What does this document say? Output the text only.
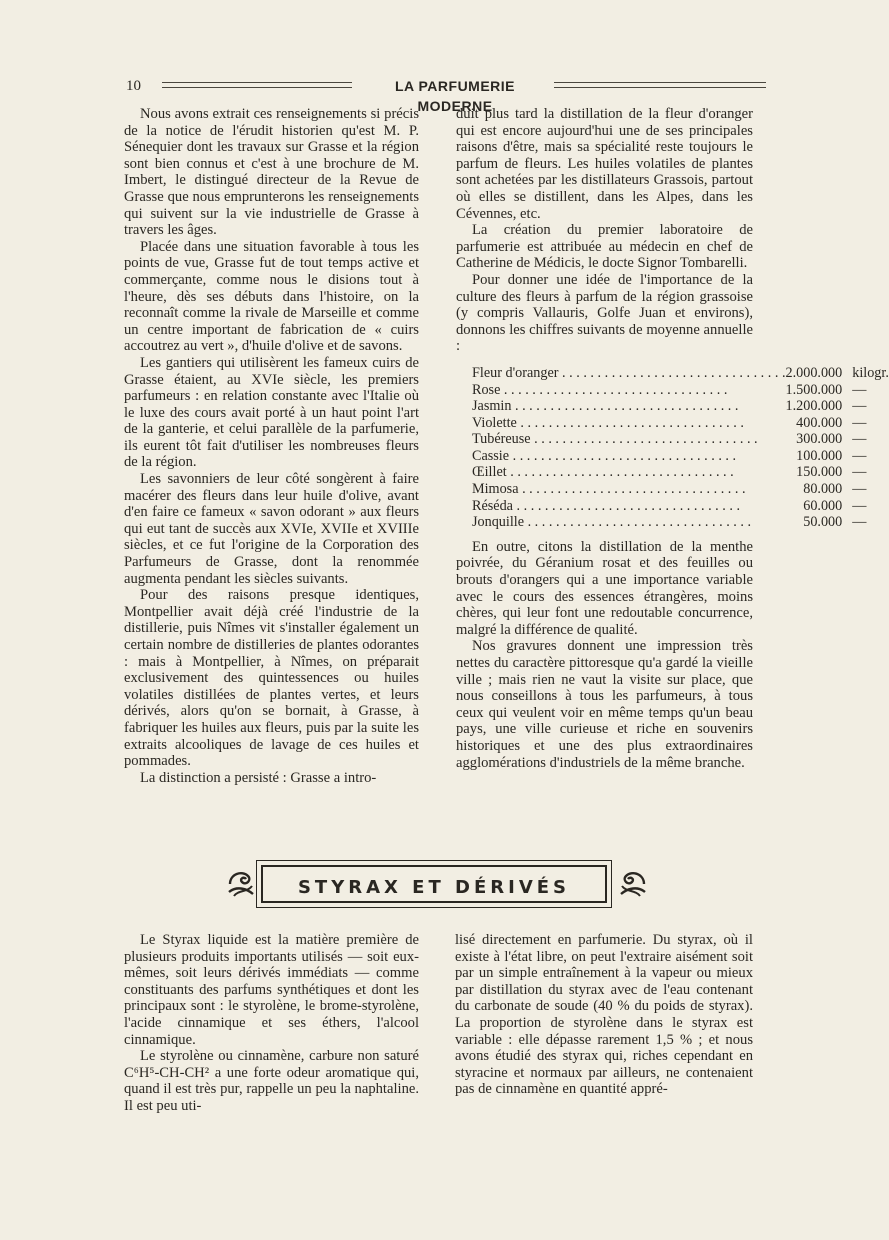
10	LA PARFUMERIE MODERNE

Nous avons extrait ces renseignements si précis de la notice de l'érudit historien qu'est M. P. Sénequier dont les travaux sur Grasse et la région sont bien connus et c'est à une brochure de M. Imbert, le distingué directeur de la Revue de Grasse que nous emprunterons les renseignements qui suivent sur la vie industrielle de Grasse à travers les âges.

Placée dans une situation favorable à tous les points de vue, Grasse fut de tout temps active et commerçante, comme nous le disions tout à l'heure, dès ses débuts dans l'histoire, on la reconnaît comme la rivale de Marseille et comme un centre important de fabrication de « cuirs accoutrez au vert », d'huile d'olive et de savons.

Les gantiers qui utilisèrent les fameux cuirs de Grasse étaient, au XVIe siècle, les premiers parfumeurs : en relation constante avec l'Italie où le luxe des cours avait porté à un haut point l'art de la ganterie, et celui parallèle de la parfumerie, ils eurent tôt fait d'utiliser les nombreuses fleurs de la région.

Les savonniers de leur côté songèrent à faire macérer des fleurs dans leur huile d'olive, avant d'en faire ce fameux « savon odorant » aux fleurs qui eut tant de succès aux XVIe, XVIIe et XVIIIe siècles, et ce fut l'origine de la Corporation des Parfumeurs de Grasse, dont la renommée augmenta pendant les siècles suivants.

Pour des raisons presque identiques, Montpellier avait déjà créé l'industrie de la distillerie, puis Nîmes vit s'installer également un certain nombre de distilleries de plantes odorantes : mais à Montpellier, à Nîmes, on préparait exclusivement des quintessences ou huiles volatiles distillées de plantes vertes, et leurs dérivés, alors qu'on se bornait, à Grasse, à fabriquer les huiles aux fleurs, puis par la suite les extraits alcooliques de lavage de ces huiles et pommades.

La distinction a persisté : Grasse a intro-

duit plus tard la distillation de la fleur d'oranger qui est encore aujourd'hui une de ses principales raisons d'être, mais sa spécialité reste toujours le parfum de fleurs. Les huiles volatiles de plantes sont achetées par les distillateurs Grassois, partout où elles se distillent, dans les Alpes, dans les Cévennes, etc.

La création du premier laboratoire de parfumerie est attribuée au médecin en chef de Catherine de Médicis, le docte Signor Tombarelli.

Pour donner une idée de l'importance de la culture des fleurs à parfum de la région grassoise (y compris Vallauris, Golfe Juan et environs), donnons les chiffres suivants de moyenne annuelle :

Fleur d'oranger . . .	2.000.000	kilogr.
Rose . . .	1.500.000	—
Jasmin . . .	1.200.000	—
Violette . . .	400.000	—
Tubéreuse . . .	300.000	—
Cassie . . .	100.000	—
Œillet . . .	150.000	—
Mimosa . . .	80.000	—
Réséda . . .	60.000	—
Jonquille . . .	50.000	—

En outre, citons la distillation de la menthe poivrée, du Géranium rosat et des feuilles ou brouts d'orangers qui a une importance variable avec le cours des essences étrangères, moins chères, qui leur font une redoutable concurrence, malgré la différence de qualité.

Nos gravures donnent une impression très nettes du caractère pittoresque qu'a gardé la vieille ville ; mais rien ne vaut la visite sur place, que nous conseillons à tous les parfumeurs, à tous ceux qui veulent voir en même temps qu'un beau pays, une ville curieuse et riche en souvenirs historiques et une des plus extraordinaires agglomérations d'industriels de la même branche.

STYRAX ET DÉRIVÉS

Le Styrax liquide est la matière première de plusieurs produits importants utilisés — soit eux-mêmes, soit leurs dérivés immédiats — comme constituants des parfums synthétiques et dont les principaux sont : le styrolène, le brome-styrolène, l'acide cinnamique et ses éthers, l'alcool cinnamique.

Le styrolène ou cinnamène, carbure non saturé C⁶H⁵-CH-CH² a une forte odeur aromatique qui, quand il est très pur, rappelle un peu la naphtaline. Il est peu uti-

lisé directement en parfumerie. Du styrax, où il existe à l'état libre, on peut l'extraire aisément soit par un simple entraînement à la vapeur ou mieux par distillation du styrax avec de l'eau contenant du carbonate de soude (40 % du poids de styrax). La proportion de styrolène dans le styrax est variable : elle dépasse rarement 1,5 % ; et nous avons étudié des styrax qui, riches cependant en styracine et normaux par ailleurs, ne contenaient pas de cinnamène en quantité appré-
